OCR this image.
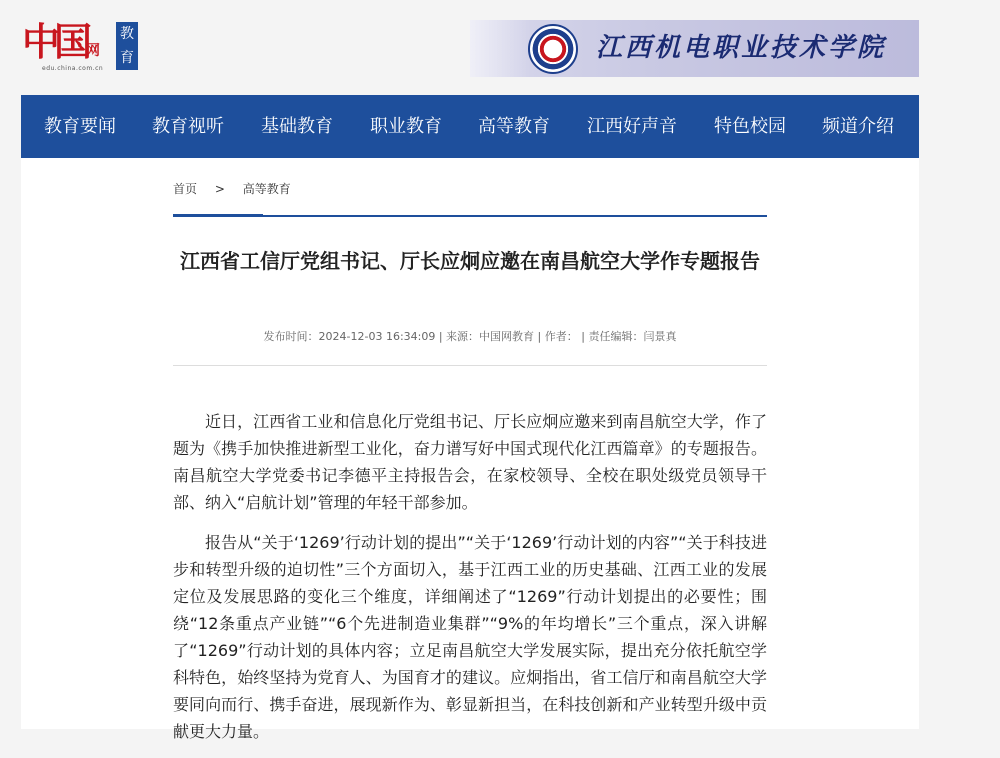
中国 网
edu.china.com.cn
教育	江西机电职业技术学院
教育要闻 教育视听 基础教育 职业教育 高等教育 江西好声音 特色校园 频道介绍
首页 > 高等教育
江西省工信厅党组书记、厅长应炯应邀在南昌航空大学作专题报告
发布时间：2024-12-03 16:34:09 | 来源：中国网教育 | 作者： | 责任编辑：闫景真

近日，江西省工业和信息化厅党组书记、厅长应炯应邀来到南昌航空大学，作了题为《携手加快推进新型工业化，奋力谱写好中国式现代化江西篇章》的专题报告。南昌航空大学党委书记李德平主持报告会，在家校领导、全校在职处级党员领导干部、纳入“启航计划”管理的年轻干部参加。

报告从“关于‘1269’行动计划的提出”“关于‘1269’行动计划的内容”“关于科技进步和转型升级的迫切性”三个方面切入，基于江西工业的历史基础、江西工业的发展定位及发展思路的变化三个维度，详细阐述了“1269”行动计划提出的必要性；围绕“12条重点产业链”“6个先进制造业集群”“9%的年均增长”三个重点，深入讲解了“1269”行动计划的具体内容；立足南昌航空大学发展实际，提出充分依托航空学科特色，始终坚持为党育人、为国育才的建议。应炯指出，省工信厅和南昌航空大学要同向而行、携手奋进，展现新作为、彰显新担当，在科技创新和产业转型升级中贡献更大力量。
